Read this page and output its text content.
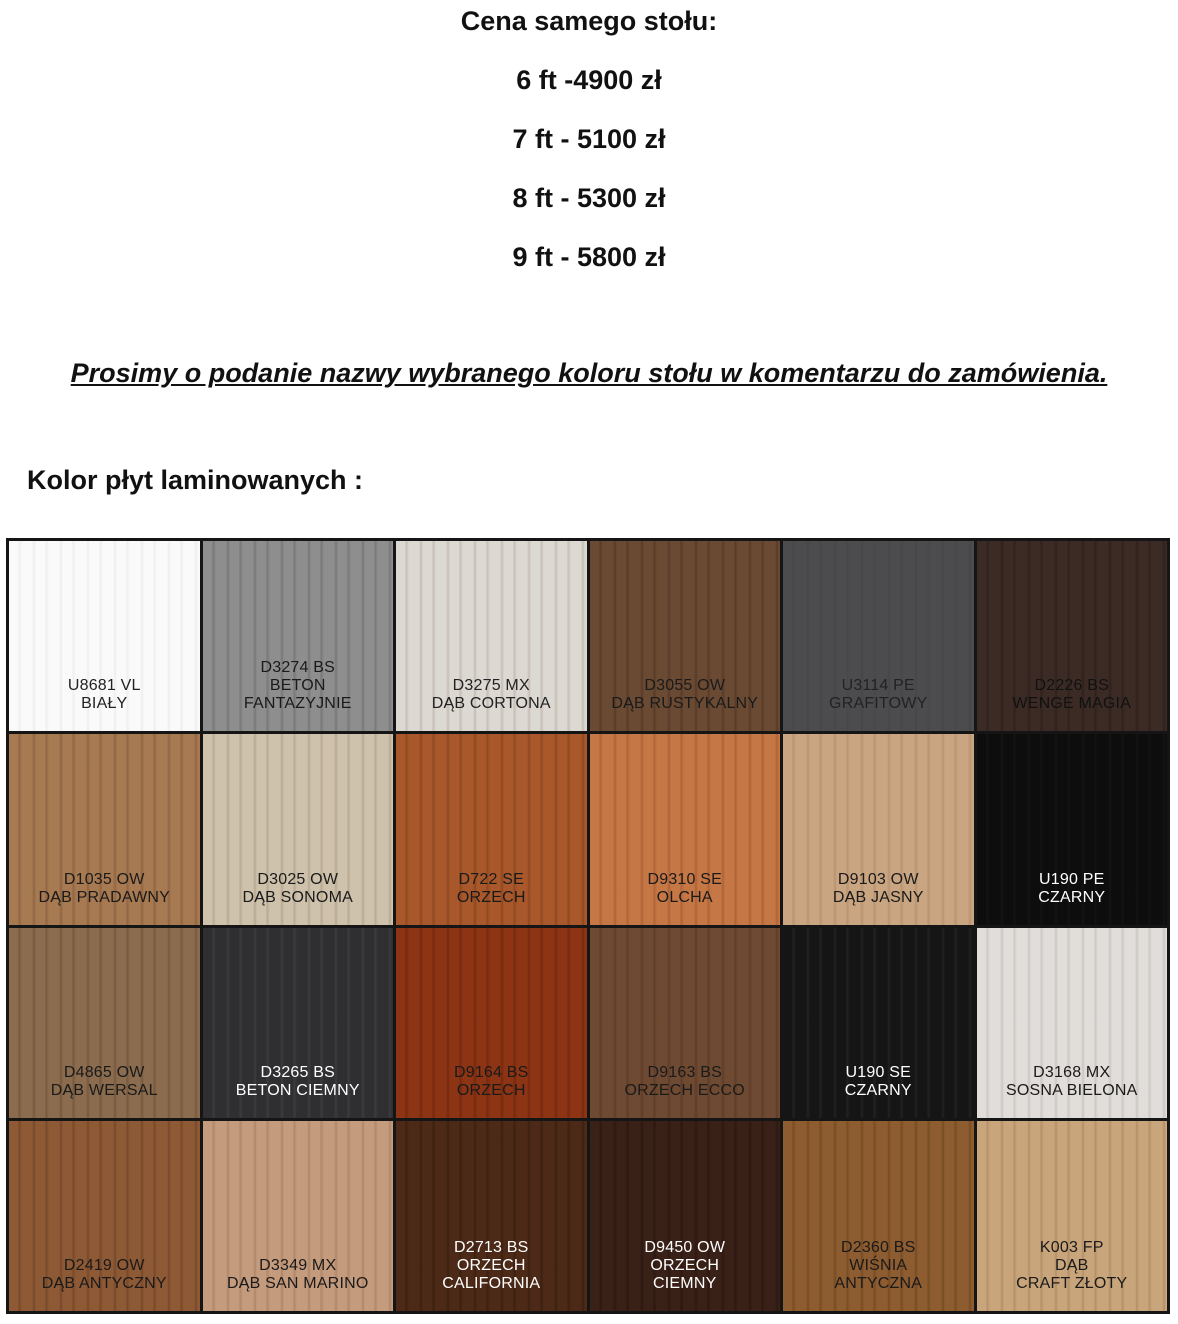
Cena samego stołu:
6 ft -4900 zł
7 ft - 5100 zł
8 ft - 5300 zł
9 ft - 5800 zł
Prosimy o podanie nazwy wybranego koloru stołu w komentarzu do zamówienia.
Kolor płyt laminowanych :
U8681 VL
BIAŁY
D3274 BS
BETON
FANTAZYJNIE
D3275 MX
DĄB CORTONA
D3055 OW
DĄB RUSTYKALNY
U3114 PE
GRAFITOWY
D2226 BS
WENGE MAGIA
D1035 OW
DĄB PRADAWNY
D3025 OW
DĄB SONOMA
D722 SE
ORZECH
D9310 SE
OLCHA
D9103 OW
DĄB JASNY
U190 PE
CZARNY
D4865 OW
DĄB WERSAL
D3265 BS
BETON CIEMNY
D9164 BS
ORZECH
D9163 BS
ORZECH ECCO
U190 SE
CZARNY
D3168 MX
SOSNA BIELONA
D2419 OW
DĄB ANTYCZNY
D3349 MX
DĄB SAN MARINO
D2713 BS
ORZECH
CALIFORNIA
D9450 OW
ORZECH
CIEMNY
D2360 BS
WIŚNIA
ANTYCZNA
K003 FP
DĄB
CRAFT ZŁOTY
